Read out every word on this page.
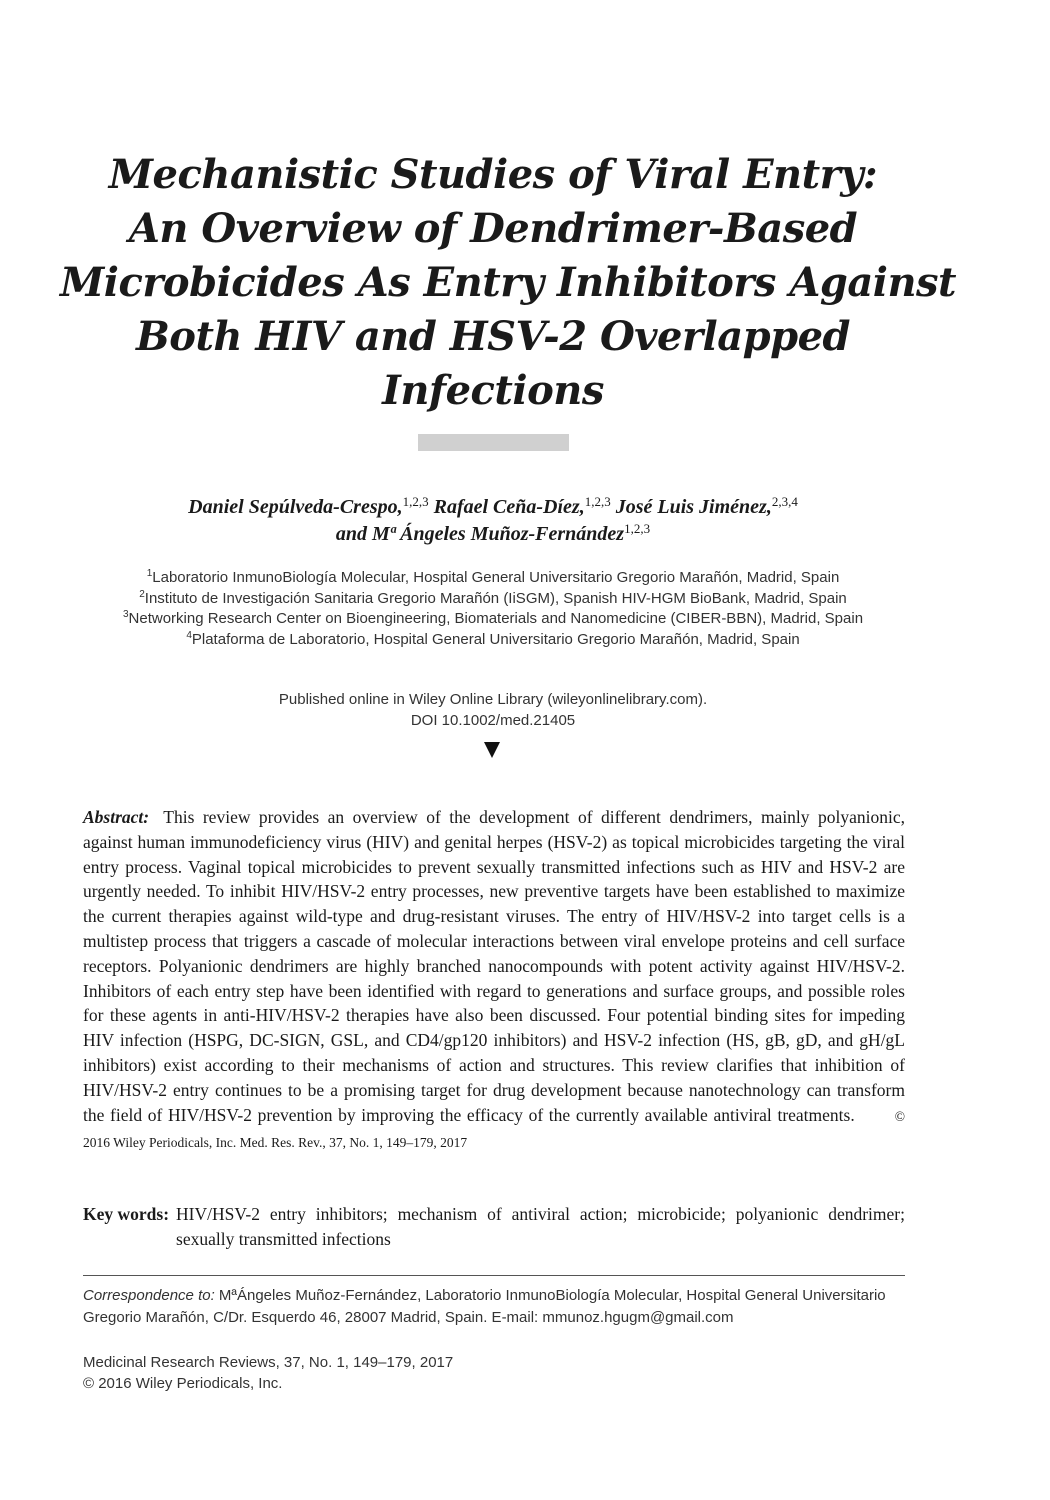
Mechanistic Studies of Viral Entry:
An Overview of Dendrimer-Based
Microbicides As Entry Inhibitors Against
Both HIV and HSV-2 Overlapped
Infections
Daniel Sepúlveda-Crespo,$^{1,2,3}$ Rafael Ceña-Díez,$^{1,2,3}$ José Luis Jiménez,$^{2,3,4}$
and Mª Ángeles Muñoz-Fernández$^{1,2,3}$
$^1$Laboratorio InmunoBiología Molecular, Hospital General Universitario Gregorio Marañón, Madrid, Spain
$^2$Instituto de Investigación Sanitaria Gregorio Marañón (IiSGM), Spanish HIV-HGM BioBank, Madrid, Spain
$^3$Networking Research Center on Bioengineering, Biomaterials and Nanomedicine (CIBER-BBN), Madrid, Spain
$^4$Plataforma de Laboratorio, Hospital General Universitario Gregorio Marañón, Madrid, Spain
Published online in Wiley Online Library (wileyonlinelibrary.com).
DOI 10.1002/med.21405

Abstract: This review provides an overview of the development of different dendrimers, mainly polyanionic, against human immunodeficiency virus (HIV) and genital herpes (HSV-2) as topical microbicides targeting the viral entry process. Vaginal topical microbicides to prevent sexually transmitted infections such as HIV and HSV-2 are urgently needed. To inhibit HIV/HSV-2 entry processes, new preventive targets have been established to maximize the current therapies against wild-type and drug-resistant viruses. The entry of HIV/HSV-2 into target cells is a multistep process that triggers a cascade of molecular interactions between viral envelope proteins and cell surface receptors. Polyanionic dendrimers are highly branched nanocompounds with potent activity against HIV/HSV-2. Inhibitors of each entry step have been identified with regard to generations and surface groups, and possible roles for these agents in anti-HIV/HSV-2 therapies have also been discussed. Four potential binding sites for impeding HIV infection (HSPG, DC-SIGN, GSL, and CD4/gp120 inhibitors) and HSV-2 infection (HS, gB, gD, and gH/gL inhibitors) exist according to their mechanisms of action and structures. This review clarifies that inhibition of HIV/HSV-2 entry continues to be a promising target for drug development because nanotechnology can transform the field of HIV/HSV-2 prevention by improving the efficacy of the currently available antiviral treatments.	© 2016 Wiley Periodicals, Inc. Med. Res. Rev., 37, No. 1, 149–179, 2017

Key words: HIV/HSV-2 entry inhibitors; mechanism of antiviral action; microbicide; polyanionic dendrimer; sexually transmitted infections
Correspondence to: MªÁngeles Muñoz-Fernández, Laboratorio InmunoBiología Molecular, Hospital General Universitario Gregorio Marañón, C/Dr. Esquerdo 46, 28007 Madrid, Spain. E-mail: mmunoz.hgugm@gmail.com
Medicinal Research Reviews, 37, No. 1, 149–179, 2017
© 2016 Wiley Periodicals, Inc.
